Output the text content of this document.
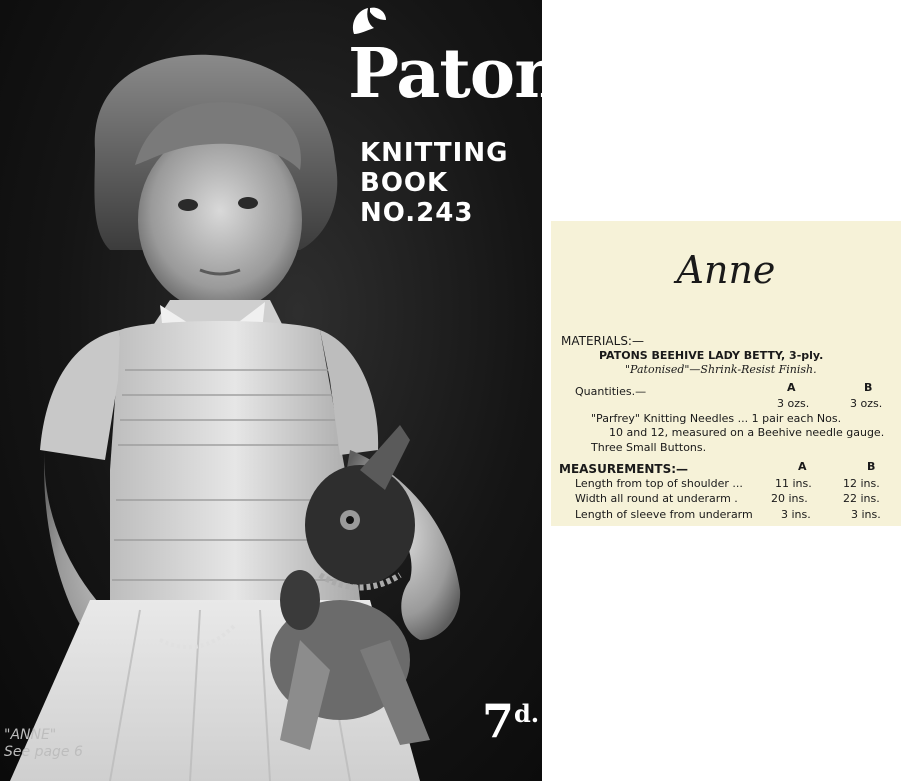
Patons
KNITTING BOOK
NO.243
$7^{d.}$
"ANNE"
See page 6
Anne
MATERIALS:—
PATONS BEEHIVE LADY BETTY, 3-ply.
"Patonised"—Shrink-Resist Finish.
Quantities.—	A	B
3 ozs.	3 ozs.
"Parfrey" Knitting Needles ... 1 pair each Nos.
10 and 12, measured on a Beehive needle gauge.
Three Small Buttons.
MEASUREMENTS:—	A	B
Length from top of shoulder ...	11 ins.	12 ins.
Width all round at underarm .	20 ins.	22 ins.
Length of sleeve from underarm	3 ins.	3 ins.
